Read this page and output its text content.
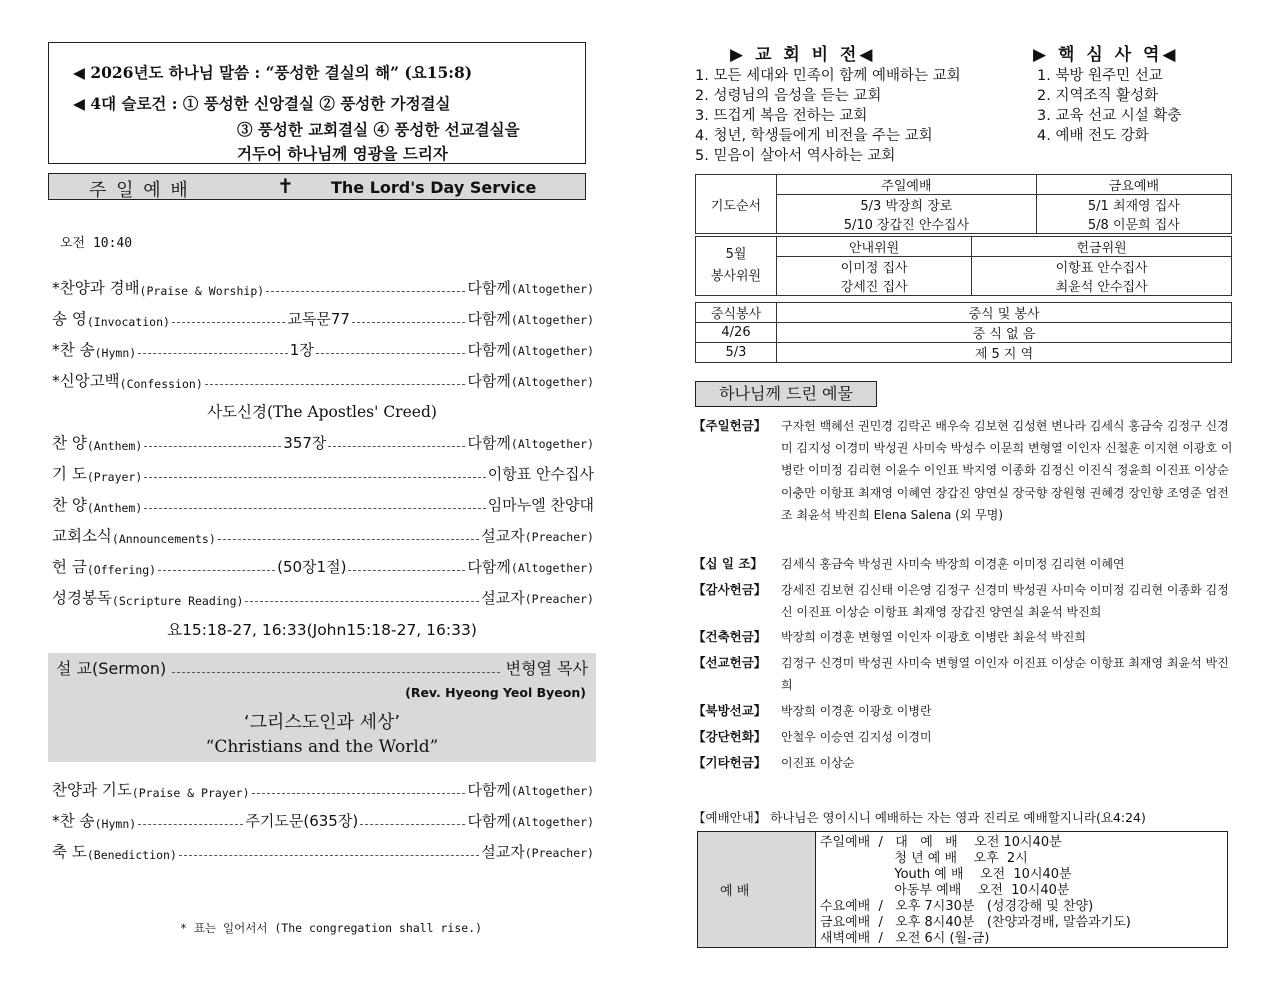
◀ 2026년도 하나님 말씀 : “풍성한 결실의 해” (요15:8)
◀ 4대 슬로건 : ① 풍성한 신앙결실 ② 풍성한 가정결실
③ 풍성한 교회결실 ④ 풍성한 선교결실을
거두어 하나님께 영광을 드리자
주 일 예 배	✝ The Lord's Day Service
오전 10:40
*찬양과 경배 (Praise & Worship)	다함께(Altogether)
송 영 (Invocation)	교독문77	다함께(Altogether)
*찬 송 (Hymn)	1장	다함께(Altogether)
*신앙고백 (Confession)	다함께(Altogether)
찬 양 (Anthem)	357장	다함께(Altogether)
기 도 (Prayer)	이항표 안수집사
찬 양 (Anthem)	임마누엘 찬양대
교회소식 (Announcements)	설교자(Preacher)
헌 금 (Offering)	(50장1절)	다함께(Altogether)
성경봉독 (Scripture Reading)	설교자(Preacher)
찬양과 기도 (Praise & Prayer)	다함께(Altogether)
*찬 송 (Hymn)	주기도문(635장)	다함께(Altogether)
축 도 (Benediction)	설교자(Preacher)
사도신경(The Apostles' Creed)
요15:18-27, 16:33(John15:18-27, 16:33)
설 교(Sermon)	변형열 목사
(Rev. Hyeong Yeol Byeon)
‘그리스도인과 세상’
“Christians and the World”
* 표는 일어서서 (The congregation shall rise.)
▶ 교 회 비 전◀	▶ 핵 심 사 역◀
1. 모든 세대와 민족이 함께 예배하는 교회
2. 성령님의 음성을 듣는 교회
3. 뜨겁게 복음 전하는 교회
4. 청년, 학생들에게 비전을 주는 교회
5. 믿음이 살아서 역사하는 교회
1. 북방 원주민 선교
2. 지역조직 활성화
3. 교육 선교 시설 확충
4. 예배 전도 강화
기도순서	주일예배	금요예배
	5/3 박장희 장로	5/1 최재영 집사
	5/10 장갑진 안수집사	5/8 이문희 집사
5월
봉사위원	안내위원	헌금위원
	이미정 집사	이항표 안수집사
	강세진 집사	최윤석 안수집사
중식봉사	중식 및 봉사
4/26	중 식 없 음
5/3	제 5 지 역
하나님께 드린 예물
【주일헌금】 구자헌 백혜선 권민경 김락곤 배우숙 김보현 김성현 변나라 김세식 홍금숙 김정구 신경미 김지성 이경미 박성권 사미숙 박성수 이문희 변형열 이인자 신철훈 이지현 이광호 이병란 이미정 김리현 이윤수 이인표 박지영 이종화 김정신 이진식 정윤희 이진표 이상순 이충만 이항표 최재영 이혜연 장갑진 양연실 장국향 장원형 권혜경 장인향 조영준 엄전조 최윤석 박진희 Elena Salena (외 무명)
【십 일 조】 김세식 홍금숙 박성권 사미숙 박장희 이경훈 이미정 김리현 이혜연
【감사헌금】 강세진 김보현 김신태 이은영 김정구 신경미 박성권 사미숙 이미정 김리현 이종화 김정신 이진표 이상순 이항표 최재영 장갑진 양연실 최윤석 박진희
【건축헌금】 박장희 이경훈 변형열 이인자 이광호 이병란 최윤석 박진희
【선교헌금】 김정구 신경미 박성권 사미숙 변형열 이인자 이진표 이상순 이항표 최재영 최윤석 박진희
【북방선교】 박장희 이경훈 이광호 이병란
【강단헌화】 안철우 이승연 김지성 이경미
【기타헌금】 이진표 이상순
【예배안내】 하나님은 영이시니 예배하는 자는 영과 진리로 예배할지니라(요4:24)
예 배
주일예배  /   대   예   배    오전 10시40분
청 년 예 배    오후  2시
Youth 예 배    오전  10시40분
아동부 예배    오전  10시40분
수요예배  /   오후 7시30분   (성경강해 및 찬양)
금요예배  /   오후 8시40분   (찬양과경배, 말씀과기도)
새벽예배  /   오전 6시 (월-금)
